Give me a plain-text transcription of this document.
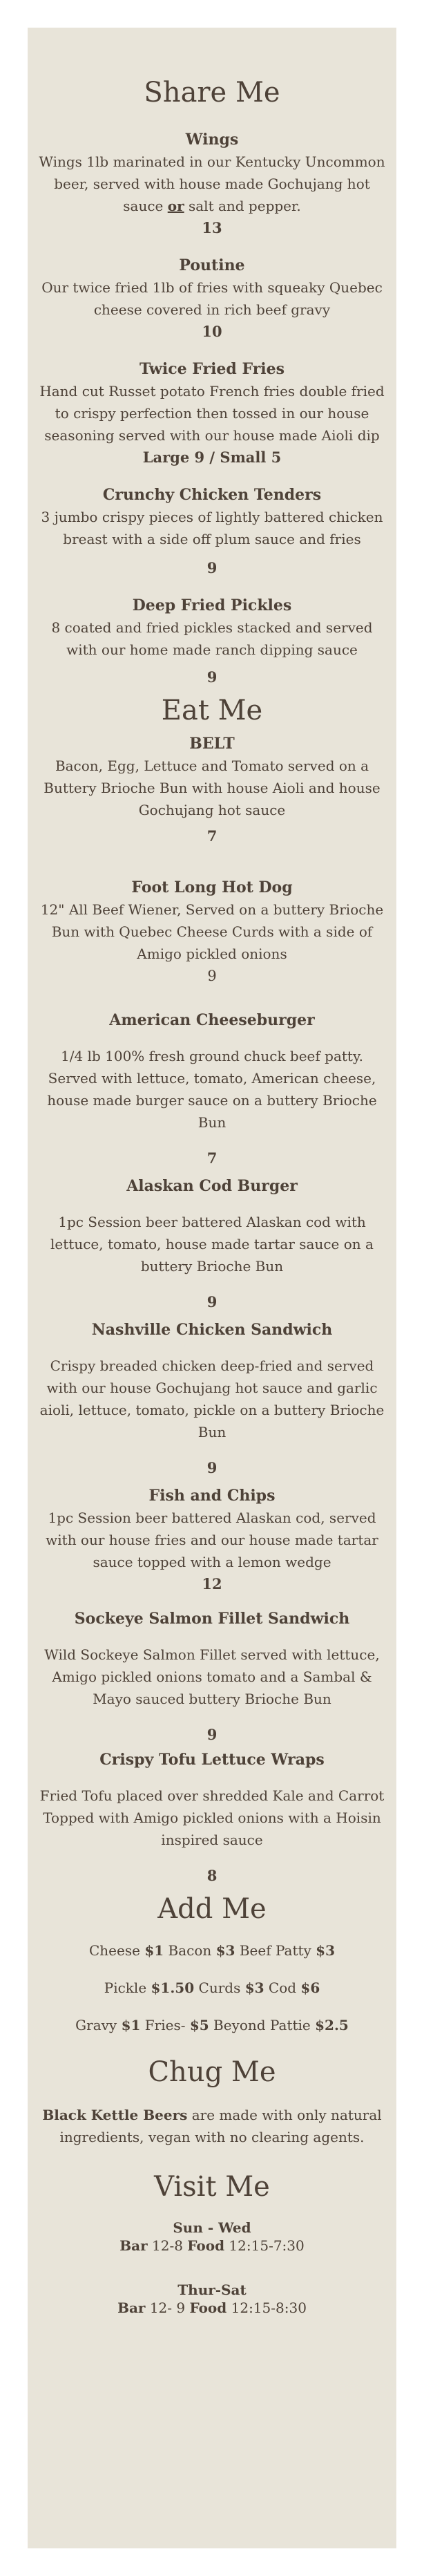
Share Me

Wings

Wings 1lb marinated in our Kentucky Uncommon beer, served with house made Gochujang hot sauce or salt and pepper.

13

Poutine

Our twice fried 1lb of fries with squeaky Quebec cheese covered in rich beef gravy

10

Twice Fried Fries

Hand cut Russet potato French fries double fried to crispy perfection then tossed in our house seasoning served with our house made Aioli dip

Large 9 / Small 5

Crunchy Chicken Tenders

3 jumbo crispy pieces of lightly battered chicken breast with a side off plum sauce and fries

9

Deep Fried Pickles

8 coated and fried pickles stacked and served with our home made ranch dipping sauce

9

Eat Me

BELT

Bacon, Egg, Lettuce and Tomato served on a Buttery Brioche Bun with house Aioli and house Gochujang hot sauce

7

Foot Long Hot Dog

12" All Beef Wiener, Served on a buttery Brioche Bun with Quebec Cheese Curds with a side of Amigo pickled onions

9

American Cheeseburger

1/4 lb 100% fresh ground chuck beef patty. Served with lettuce, tomato, American cheese, house made burger sauce on a buttery Brioche Bun

7

Alaskan Cod Burger

1pc Session beer battered Alaskan cod with lettuce, tomato, house made tartar sauce on a buttery Brioche Bun

9

Nashville Chicken Sandwich

Crispy breaded chicken deep-fried and served with our house Gochujang hot sauce and garlic aioli, lettuce, tomato, pickle on a buttery Brioche Bun

9

Fish and Chips

1pc Session beer battered Alaskan cod, served with our house fries and our house made tartar sauce topped with a lemon wedge

12

Sockeye Salmon Fillet Sandwich

Wild Sockeye Salmon Fillet served with lettuce, Amigo pickled onions tomato and a Sambal & Mayo sauced buttery Brioche Bun

9

Crispy Tofu Lettuce Wraps

Fried Tofu placed over shredded Kale and Carrot Topped with Amigo pickled onions with a Hoisin inspired sauce

8

Add Me

Cheese $1 Bacon $3 Beef Patty $3

Pickle $1.50 Curds $3 Cod $6

Gravy $1 Fries- $5 Beyond Pattie $2.5

Chug Me

Black Kettle Beers are made with only natural ingredients, vegan with no clearing agents.

Visit Me

Sun - Wed

Bar 12-8 Food 12:15-7:30

Thur-Sat

Bar 12- 9 Food 12:15-8:30
